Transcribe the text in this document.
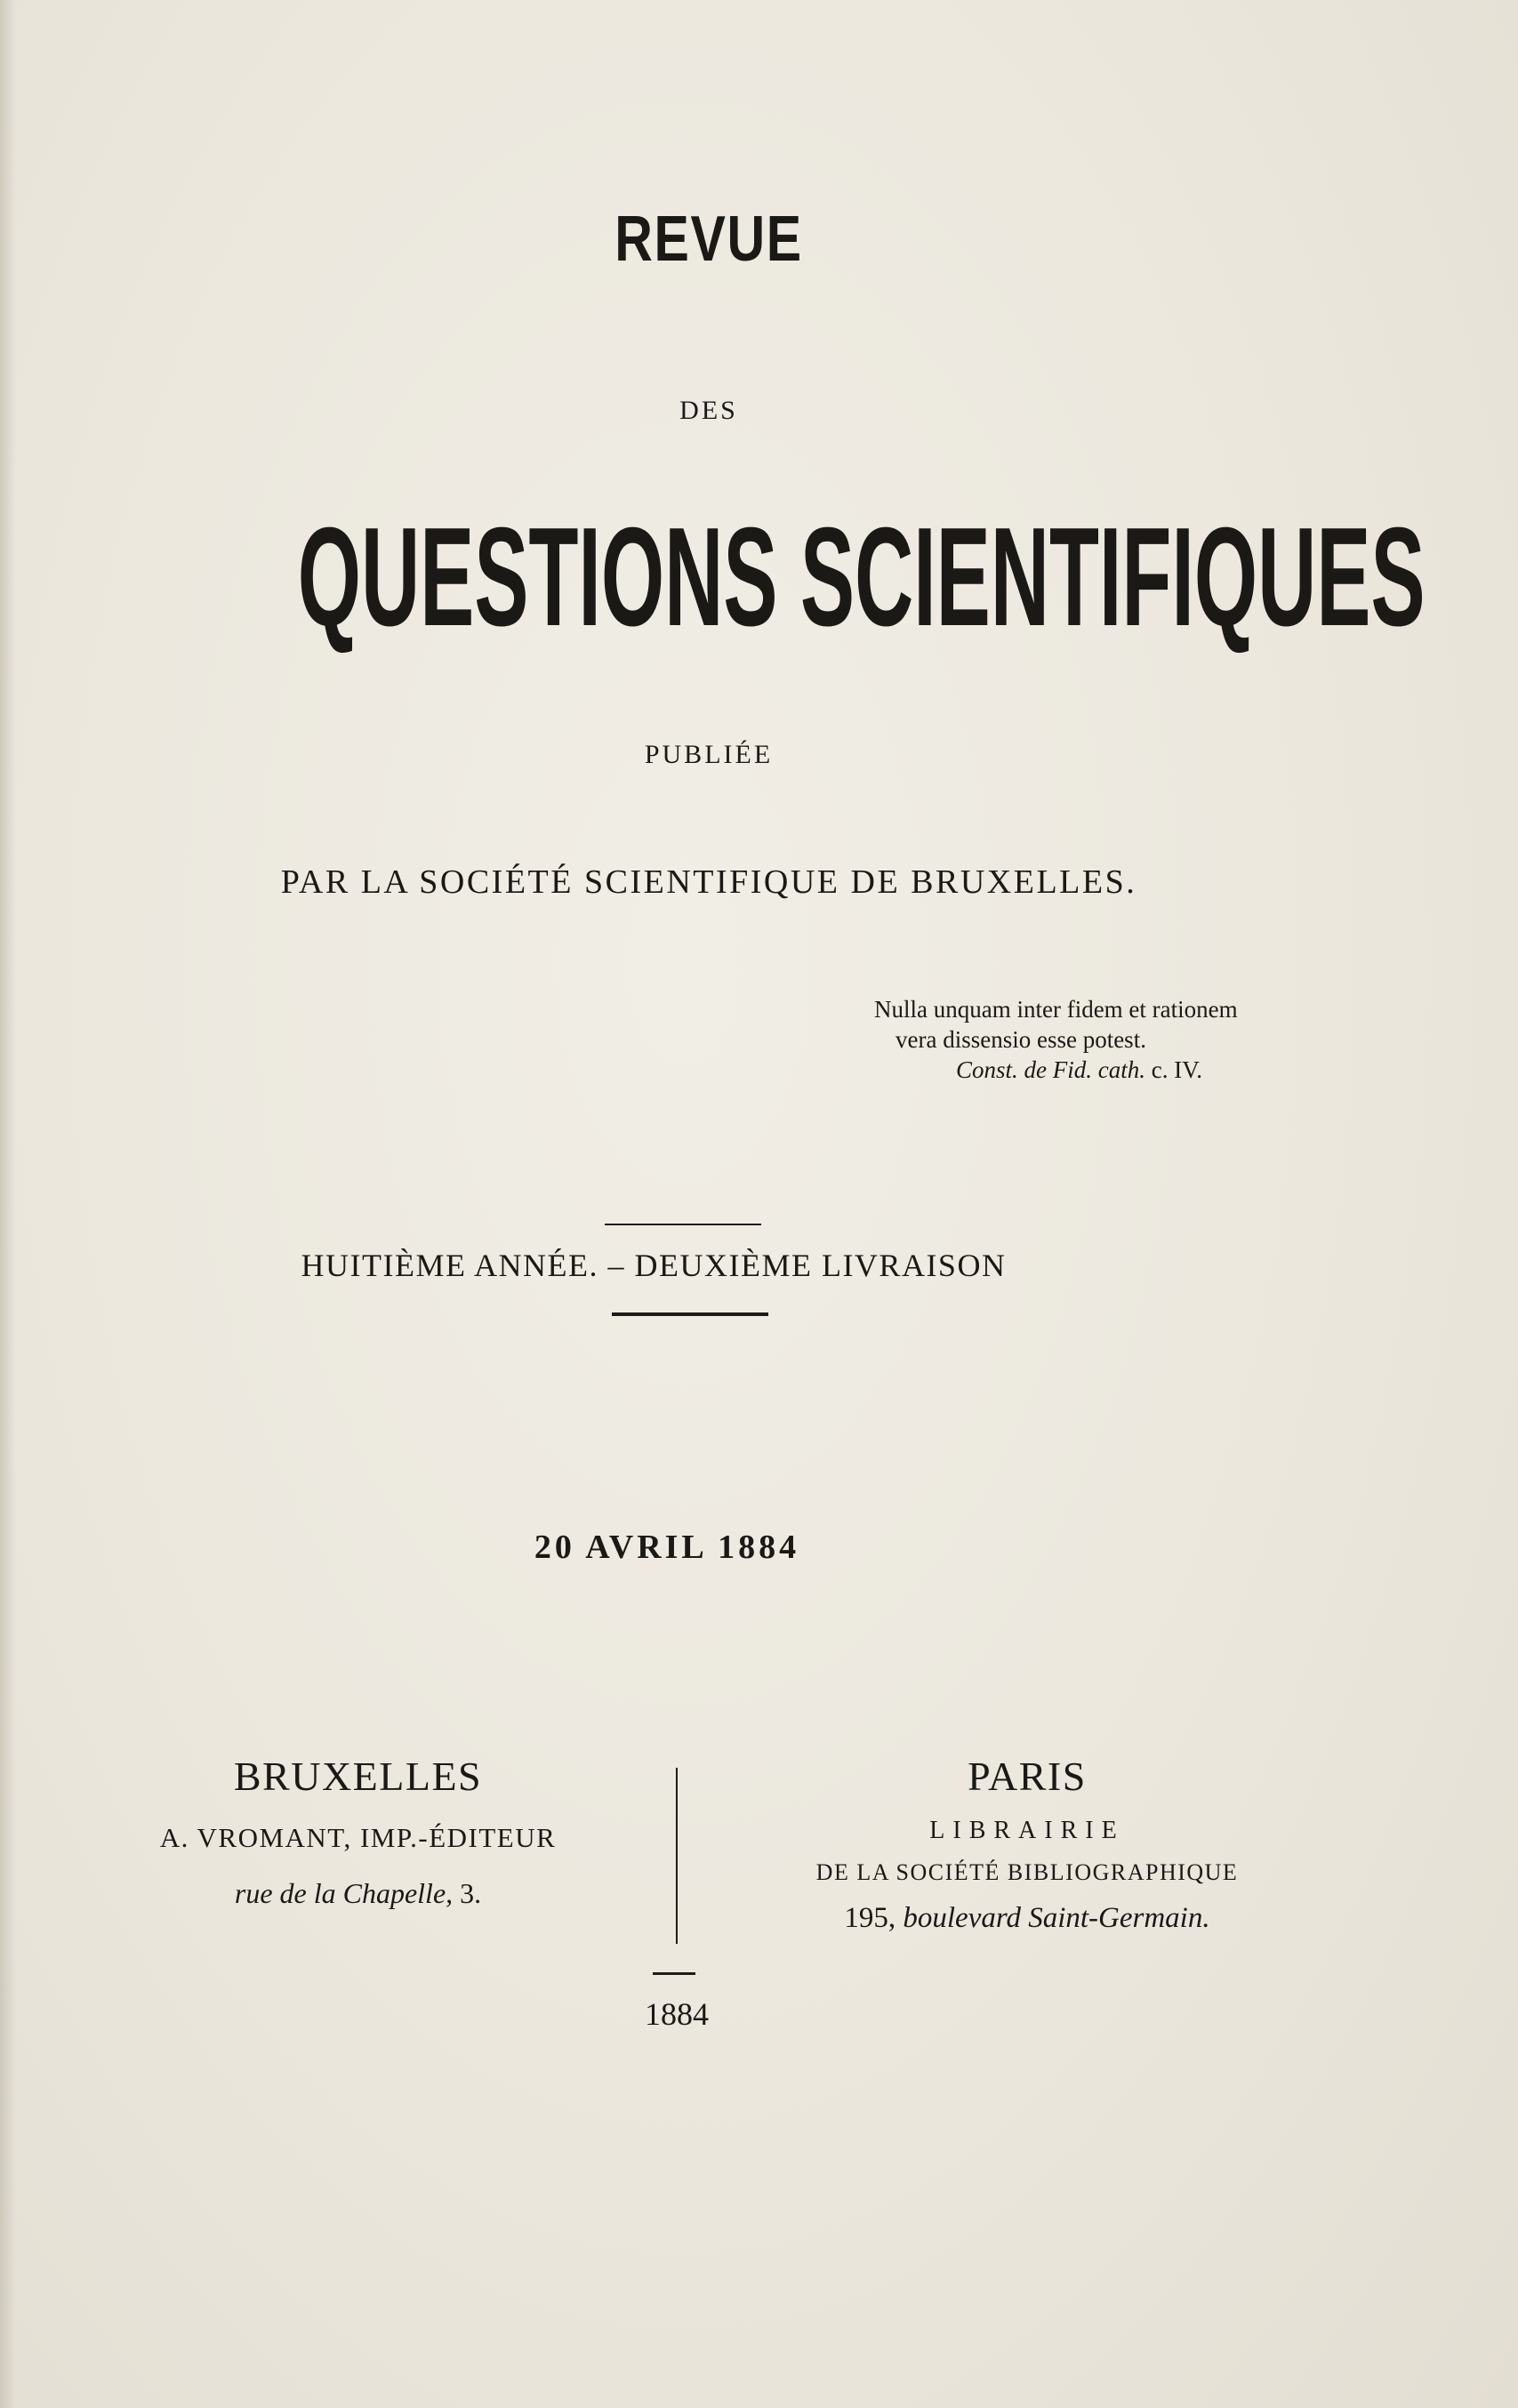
REVUE
DES
QUESTIONS SCIENTIFIQUES
PUBLIÉE
PAR LA SOCIÉTÉ SCIENTIFIQUE DE BRUXELLES.
Nulla unquam inter fidem et rationem
vera dissensio esse potest.
Const. de Fid. cath. c. IV.
HUITIÈME ANNÉE. – DEUXIÈME LIVRAISON
20 AVRIL 1884
BRUXELLES
A. VROMANT, IMP.-ÉDITEUR
rue de la Chapelle, 3.
PARIS
LIBRAIRIE
DE LA SOCIÉTÉ BIBLIOGRAPHIQUE
195, boulevard Saint-Germain.
1884
